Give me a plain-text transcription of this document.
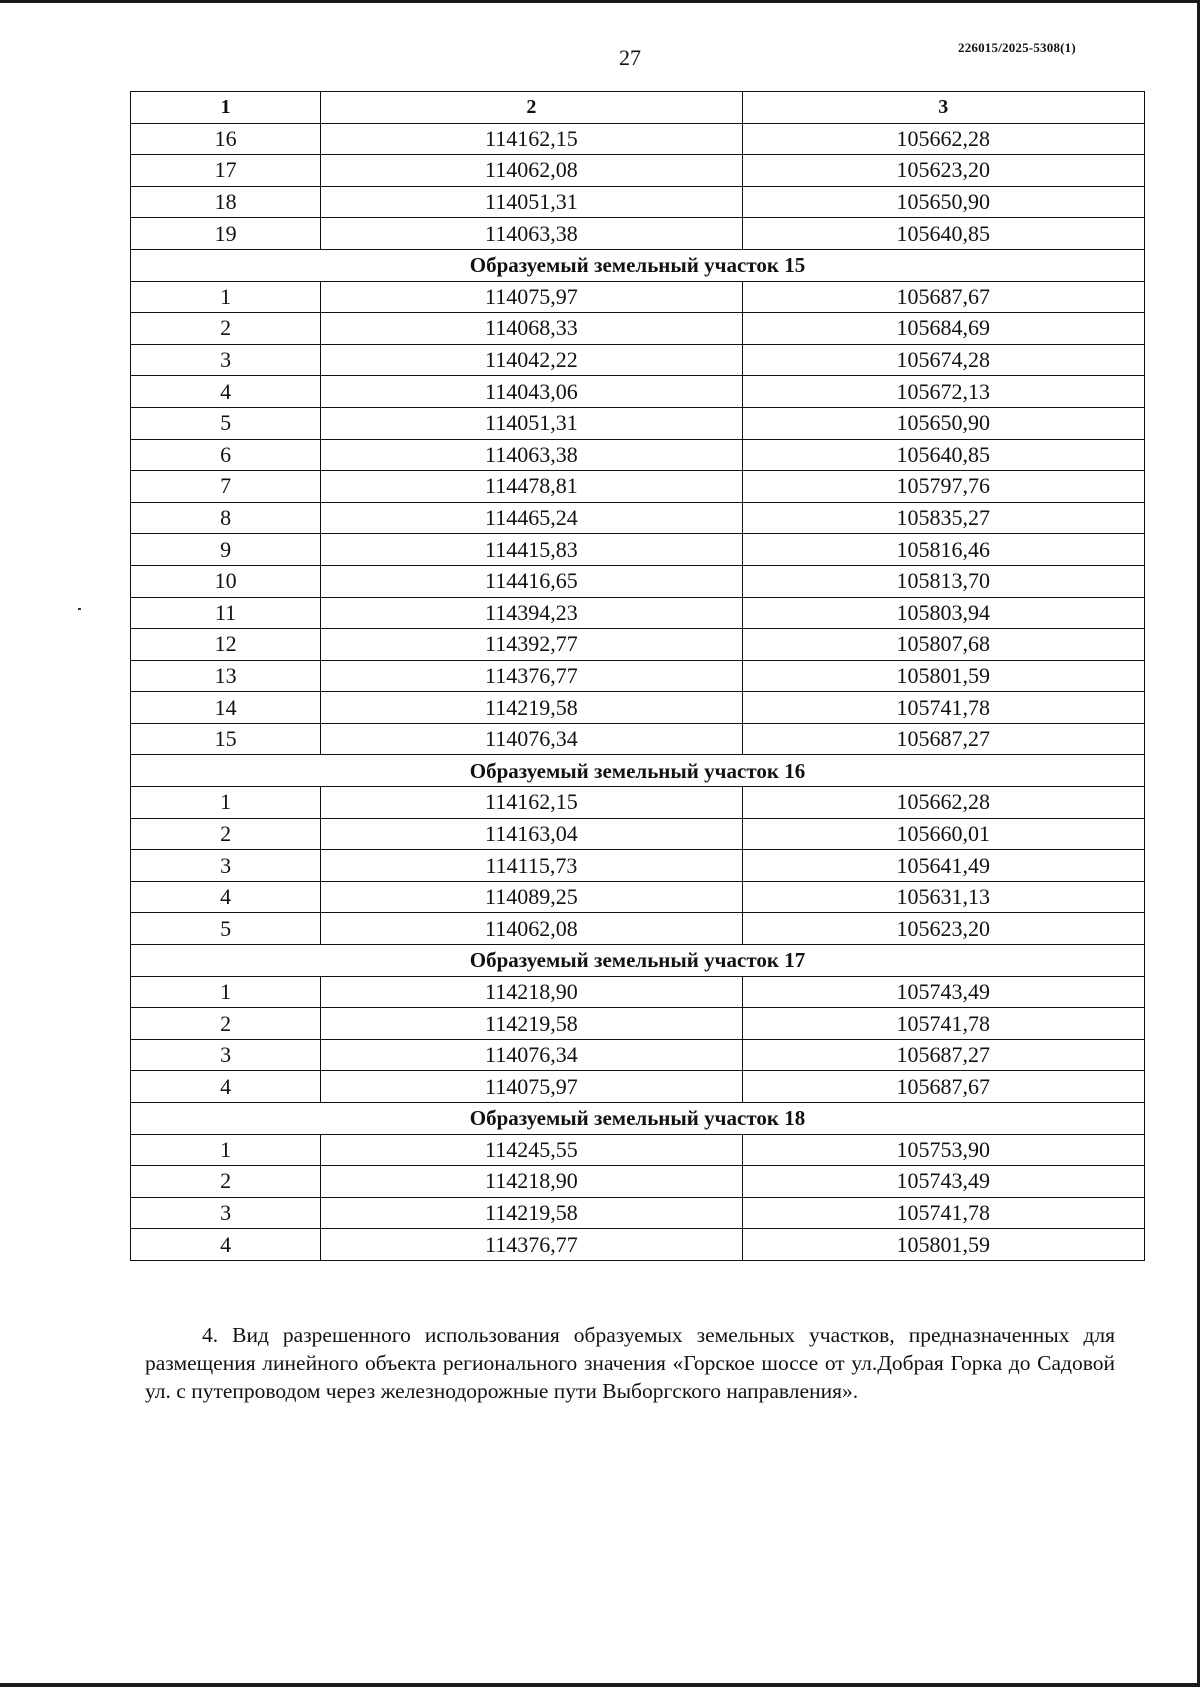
27	226015/2025-5308(1)
1	2	3
16	114162,15	105662,28
17	114062,08	105623,20
18	114051,31	105650,90
19	114063,38	105640,85
Образуемый земельный участок 15		
1	114075,97	105687,67
2	114068,33	105684,69
3	114042,22	105674,28
4	114043,06	105672,13
5	114051,31	105650,90
6	114063,38	105640,85
7	114478,81	105797,76
8	114465,24	105835,27
9	114415,83	105816,46
10	114416,65	105813,70
11	114394,23	105803,94
12	114392,77	105807,68
13	114376,77	105801,59
14	114219,58	105741,78
15	114076,34	105687,27
Образуемый земельный участок 16		
1	114162,15	105662,28
2	114163,04	105660,01
3	114115,73	105641,49
4	114089,25	105631,13
5	114062,08	105623,20
Образуемый земельный участок 17		
1	114218,90	105743,49
2	114219,58	105741,78
3	114076,34	105687,27
4	114075,97	105687,67
Образуемый земельный участок 18		
1	114245,55	105753,90
2	114218,90	105743,49
3	114219,58	105741,78
4	114376,77	105801,59

4. Вид разрешенного использования образуемых земельных участков, предназначенных для размещения линейного объекта регионального значения «Горское шоссе от ул.Добрая Горка до Садовой ул. с путепроводом через железнодорожные пути Выборгского направления».
